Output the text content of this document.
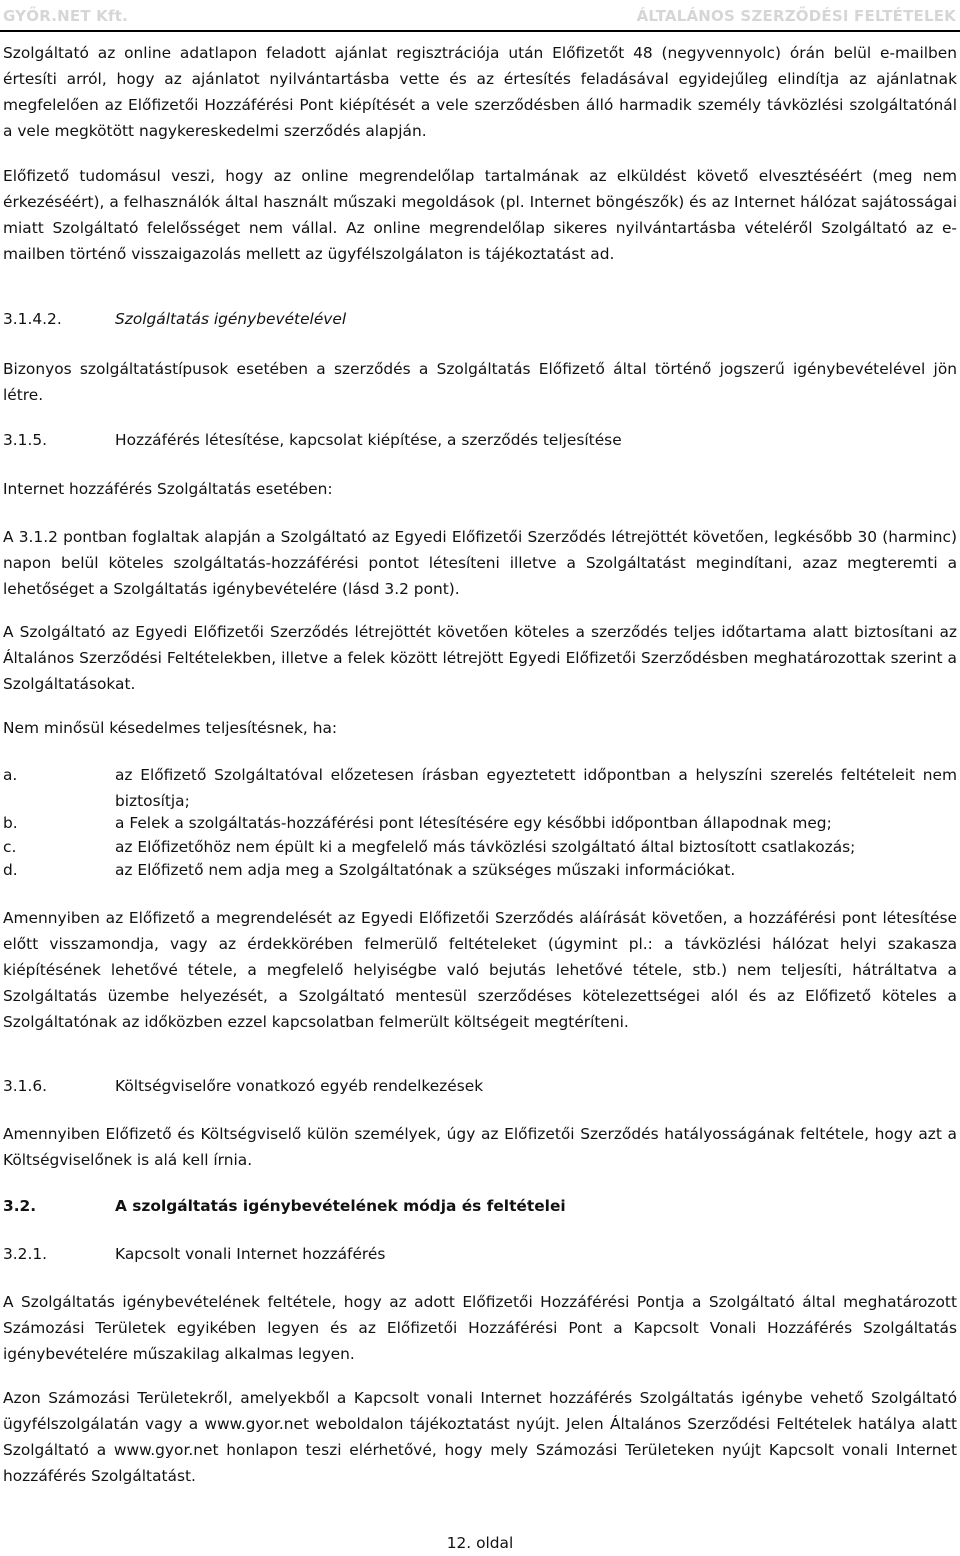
GYŐR.NET Kft.	ÁLTALÁNOS SZERZŐDÉSI FELTÉTELEK

Szolgáltató az online adatlapon feladott ajánlat regisztrációja után Előfizetőt 48 (negyvennyolc) órán belül e-mailben értesíti arról, hogy az ajánlatot nyilvántartásba vette és az értesítés feladásával egyidejűleg elindítja az ajánlatnak megfelelően az Előfizetői Hozzáférési Pont kiépítését a vele szerződésben álló harmadik személy távközlési szolgáltatónál a vele megkötött nagykereskedelmi szerződés alapján.

Előfizető tudomásul veszi, hogy az online megrendelőlap tartalmának az elküldést követő elvesztéséért (meg nem érkezéséért), a felhasználók által használt műszaki megoldások (pl. Internet böngészők) és az Internet hálózat sajátosságai miatt Szolgáltató felelősséget nem vállal. Az online megrendelőlap sikeres nyilvántartásba vételéről Szolgáltató az e-mailben történő visszaigazolás mellett az ügyfélszolgálaton is tájékoztatást ad.

3.1.4.2.	Szolgáltatás igénybevételével

Bizonyos szolgáltatástípusok esetében a szerződés a Szolgáltatás Előfizető által történő jogszerű igénybevételével jön létre.

3.1.5.	Hozzáférés létesítése, kapcsolat kiépítése, a szerződés teljesítése

Internet hozzáférés Szolgáltatás esetében:

A 3.1.2 pontban foglaltak alapján a Szolgáltató az Egyedi Előfizetői Szerződés létrejöttét követően, legkésőbb 30 (harminc) napon belül köteles szolgáltatás-hozzáférési pontot létesíteni illetve a Szolgáltatást megindítani, azaz megteremti a lehetőséget a Szolgáltatás igénybevételére (lásd 3.2 pont).

A Szolgáltató az Egyedi Előfizetői Szerződés létrejöttét követően köteles a szerződés teljes időtartama alatt biztosítani az Általános Szerződési Feltételekben, illetve a felek között létrejött Egyedi Előfizetői Szerződésben meghatározottak szerint a Szolgáltatásokat.

Nem minősül késedelmes teljesítésnek, ha:

a.	az Előfizető Szolgáltatóval előzetesen írásban egyeztetett időpontban a helyszíni szerelés feltételeit nem biztosítja;
b.	a Felek a szolgáltatás-hozzáférési pont létesítésére egy későbbi időpontban állapodnak meg;
c.	az Előfizetőhöz nem épült ki a megfelelő más távközlési szolgáltató által biztosított csatlakozás;
d.	az Előfizető nem adja meg a Szolgáltatónak a szükséges műszaki információkat.

Amennyiben az Előfizető a megrendelését az Egyedi Előfizetői Szerződés aláírását követően, a hozzáférési pont létesítése előtt visszamondja, vagy az érdekkörében felmerülő feltételeket (úgymint pl.: a távközlési hálózat helyi szakasza kiépítésének lehetővé tétele, a megfelelő helyiségbe való bejutás lehetővé tétele, stb.) nem teljesíti, hátráltatva a Szolgáltatás üzembe helyezését, a Szolgáltató mentesül szerződéses kötelezettségei alól és az Előfizető köteles a Szolgáltatónak az időközben ezzel kapcsolatban felmerült költségeit megtéríteni.

3.1.6.	Költségviselőre vonatkozó egyéb rendelkezések

Amennyiben Előfizető és Költségviselő külön személyek, úgy az Előfizetői Szerződés hatályosságának feltétele, hogy azt a Költségviselőnek is alá kell írnia.

3.2.	A szolgáltatás igénybevételének módja és feltételei
3.2.1.	Kapcsolt vonali Internet hozzáférés

A Szolgáltatás igénybevételének feltétele, hogy az adott Előfizetői Hozzáférési Pontja a Szolgáltató által meghatározott Számozási Területek egyikében legyen és az Előfizetői Hozzáférési Pont a Kapcsolt Vonali Hozzáférés Szolgáltatás igénybevételére műszakilag alkalmas legyen.

Azon Számozási Területekről, amelyekből a Kapcsolt vonali Internet hozzáférés Szolgáltatás igénybe vehető Szolgáltató ügyfélszolgálatán vagy a www.gyor.net weboldalon tájékoztatást nyújt. Jelen Általános Szerződési Feltételek hatálya alatt Szolgáltató a www.gyor.net honlapon teszi elérhetővé, hogy mely Számozási Területeken nyújt Kapcsolt vonali Internet hozzáférés Szolgáltatást.

12. oldal
